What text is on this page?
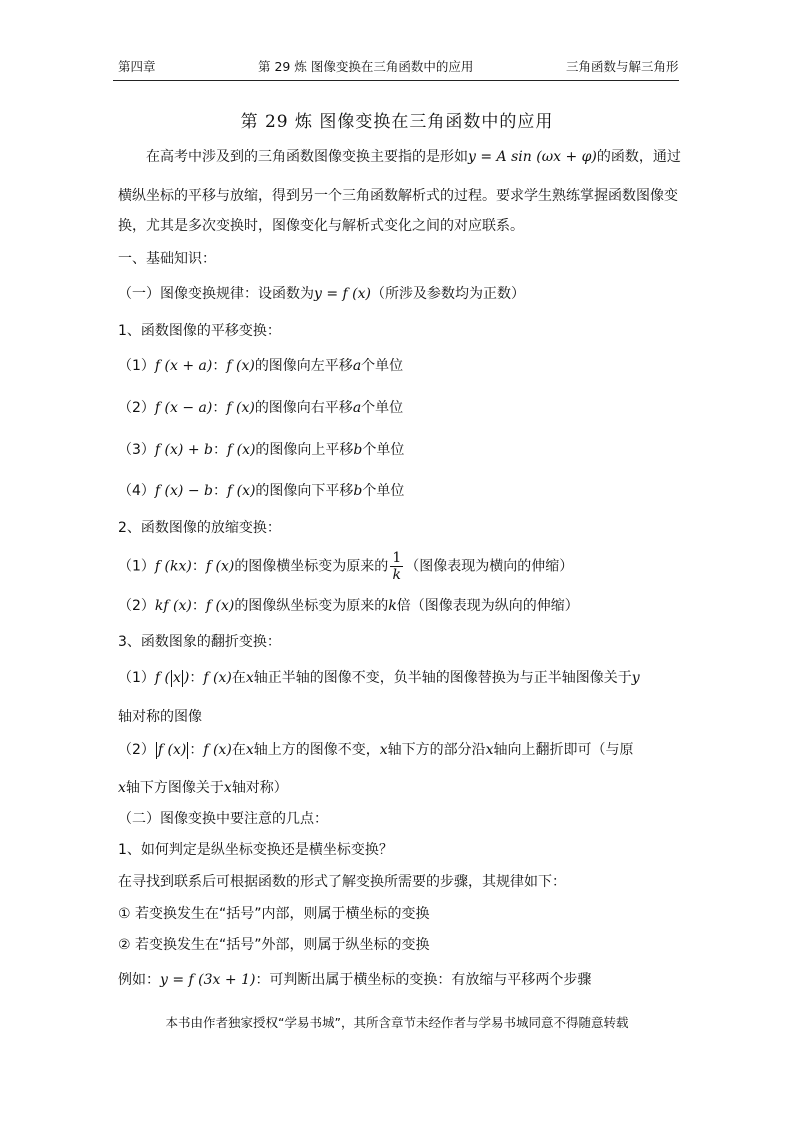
第四章	第 29 炼 图像变换在三角函数中的应用	三角函数与解三角形
第 29 炼 图像变换在三角函数中的应用
在高考中涉及到的三角函数图像变换主要指的是形如y = A sin (ωx + φ)的函数，通过
横纵坐标的平移与放缩，得到另一个三角函数解析式的过程。要求学生熟练掌握函数图像变
换，尤其是多次变换时，图像变化与解析式变化之间的对应联系。
一、基础知识：
（一）图像变换规律：设函数为y = f (x)（所涉及参数均为正数）
1、函数图像的平移变换：
（1）f (x + a)：f (x)的图像向左平移a个单位
（2）f (x − a)：f (x)的图像向右平移a个单位
（3）f (x) + b：f (x)的图像向上平移b个单位
（4）f (x) − b：f (x)的图像向下平移b个单位
2、函数图像的放缩变换：
（1）f (kx)：f (x)的图像横坐标变为原来的 $\frac{1}{k}$ （图像表现为横向的伸缩）
（2）kf (x)：f (x)的图像纵坐标变为原来的k倍（图像表现为纵向的伸缩）
3、函数图象的翻折变换：
（1）f ( x )：f (x)在x轴正半轴的图像不变，负半轴的图像替换为与正半轴图像关于y
轴对称的图像
（2） f (x) ：f (x)在x轴上方的图像不变，x轴下方的部分沿x轴向上翻折即可（与原
x轴下方图像关于x轴对称）
（二）图像变换中要注意的几点：
1、如何判定是纵坐标变换还是横坐标变换？
在寻找到联系后可根据函数的形式了解变换所需要的步骤，其规律如下：
① 若变换发生在“括号”内部，则属于横坐标的变换
② 若变换发生在“括号”外部，则属于纵坐标的变换
例如：y = f (3x + 1)：可判断出属于横坐标的变换：有放缩与平移两个步骤
本书由作者独家授权“学易书城”，其所含章节未经作者与学易书城同意不得随意转载
